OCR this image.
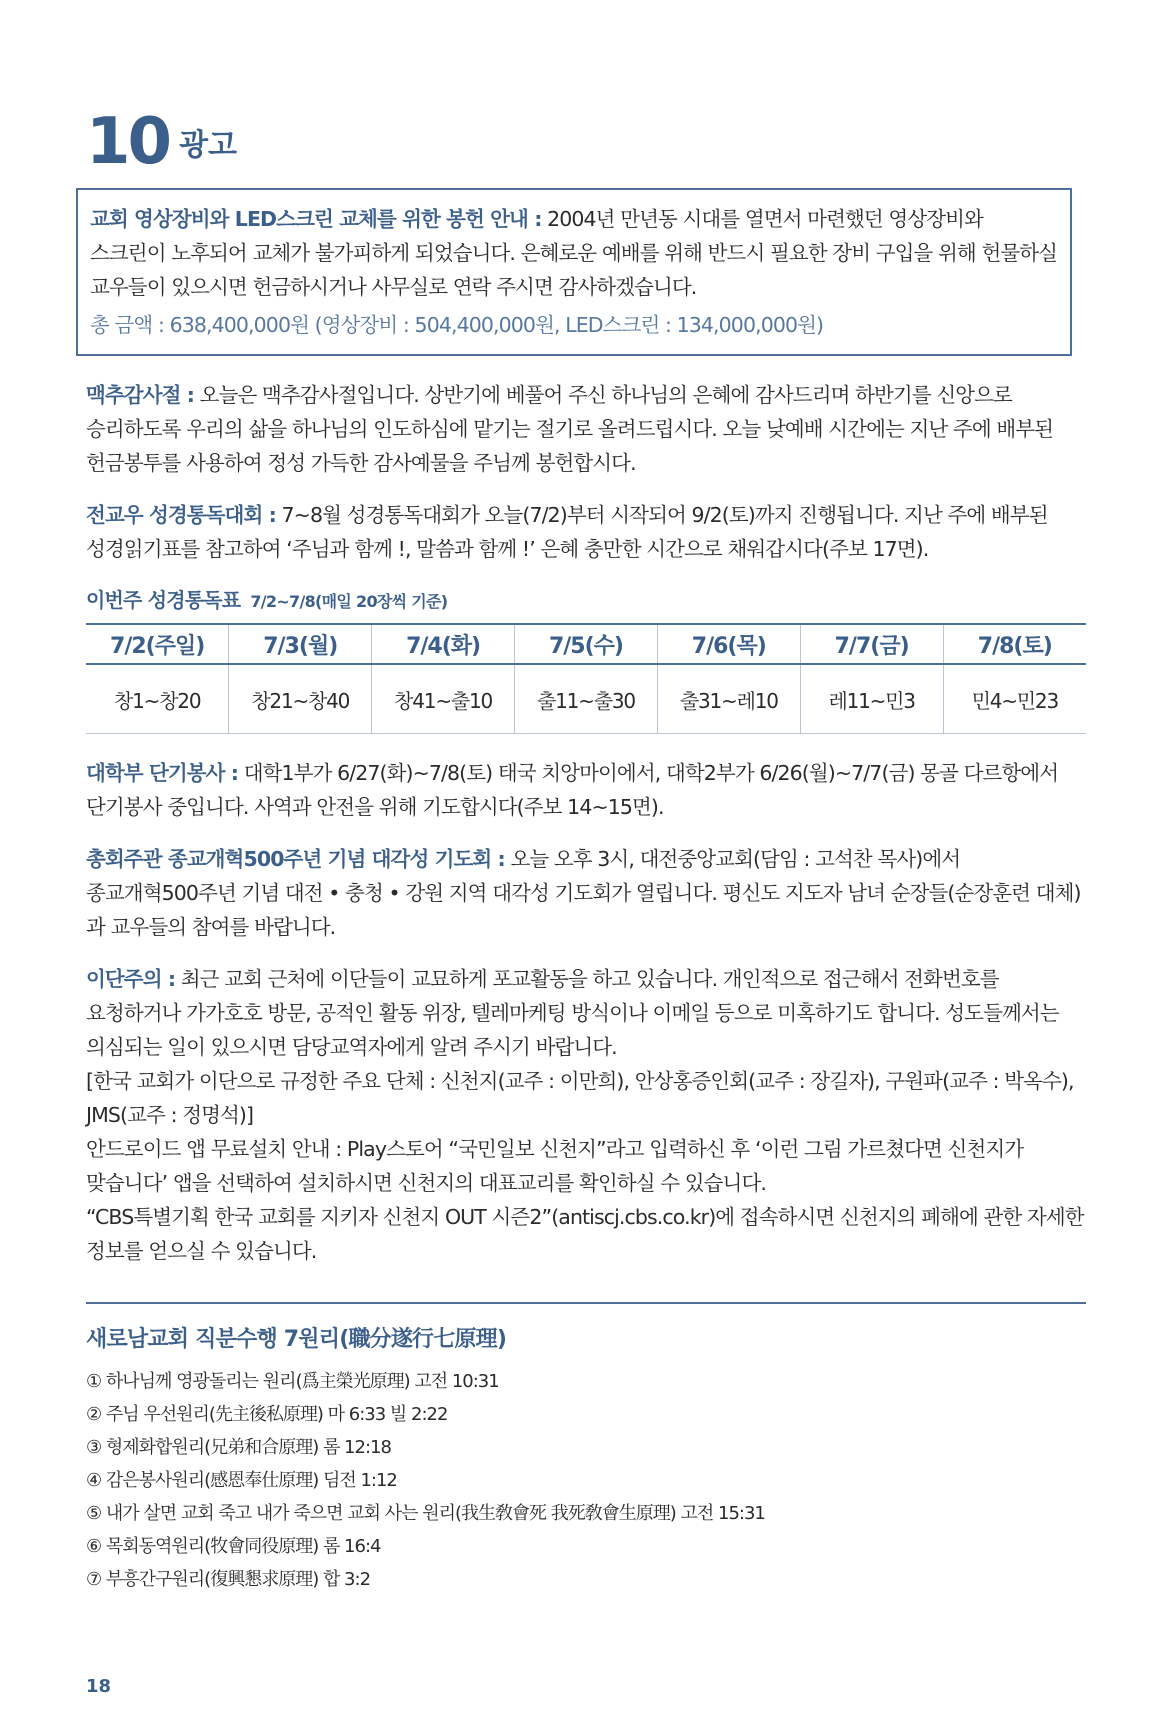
10 광고

교회 영상장비와 LED스크린 교체를 위한 봉헌 안내 : 2004년 만년동 시대를 열면서 마련했던 영상장비와 스크린이 노후되어 교체가 불가피하게 되었습니다. 은혜로운 예배를 위해 반드시 필요한 장비 구입을 위해 헌물하실 교우들이 있으시면 헌금하시거나 사무실로 연락 주시면 감사하겠습니다.

총 금액 : 638,400,000원 (영상장비 : 504,400,000원, LED스크린 : 134,000,000원)

맥추감사절 : 오늘은 맥추감사절입니다. 상반기에 베풀어 주신 하나님의 은혜에 감사드리며 하반기를 신앙으로 승리하도록 우리의 삶을 하나님의 인도하심에 맡기는 절기로 올려드립시다. 오늘 낮예배 시간에는 지난 주에 배부된 헌금봉투를 사용하여 정성 가득한 감사예물을 주님께 봉헌합시다.

전교우 성경통독대회 : 7~8월 성경통독대회가 오늘(7/2)부터 시작되어 9/2(토)까지 진행됩니다. 지난 주에 배부된 성경읽기표를 참고하여 ‘주님과 함께 !, 말씀과 함께 !’ 은혜 충만한 시간으로 채워갑시다(주보 17면).

이번주 성경통독표 7/2~7/8(매일 20장씩 기준)
7/2(주일)	7/3(월)	7/4(화)	7/5(수)	7/6(목)	7/7(금)	7/8(토)
창1~창20	창21~창40	창41~출10	출11~출30	출31~레10	레11~민3	민4~민23

대학부 단기봉사 : 대학1부가 6/27(화)~7/8(토) 태국 치앙마이에서, 대학2부가 6/26(월)~7/7(금) 몽골 다르항에서 단기봉사 중입니다. 사역과 안전을 위해 기도합시다(주보 14~15면).

총회주관 종교개혁500주년 기념 대각성 기도회 : 오늘 오후 3시, 대전중앙교회(담임 : 고석찬 목사)에서 종교개혁500주년 기념 대전 • 충청 • 강원 지역 대각성 기도회가 열립니다. 평신도 지도자 남녀 순장들(순장훈련 대체)과 교우들의 참여를 바랍니다.

이단주의 : 최근 교회 근처에 이단들이 교묘하게 포교활동을 하고 있습니다. 개인적으로 접근해서 전화번호를 요청하거나 가가호호 방문, 공적인 활동 위장, 텔레마케팅 방식이나 이메일 등으로 미혹하기도 합니다. 성도들께서는 의심되는 일이 있으시면 담당교역자에게 알려 주시기 바랍니다.

[한국 교회가 이단으로 규정한 주요 단체 : 신천지(교주 : 이만희), 안상홍증인회(교주 : 장길자), 구원파(교주 : 박옥수), JMS(교주 : 정명석)]

안드로이드 앱 무료설치 안내 : Play스토어 “국민일보 신천지”라고 입력하신 후 ‘이런 그림 가르쳤다면 신천지가 맞습니다’ 앱을 선택하여 설치하시면 신천지의 대표교리를 확인하실 수 있습니다.

“CBS특별기획 한국 교회를 지키자 신천지 OUT 시즌2”(antiscj.cbs.co.kr)에 접속하시면 신천지의 폐해에 관한 자세한 정보를 얻으실 수 있습니다.

새로남교회 직분수행 7원리(職分遂行七原理)
① 하나님께 영광돌리는 원리(爲主榮光原理) 고전 10:31
② 주님 우선원리(先主後私原理) 마 6:33 빌 2:22
③ 형제화합원리(兄弟和合原理) 롬 12:18
④ 감은봉사원리(感恩奉仕原理) 딤전 1:12
⑤ 내가 살면 교회 죽고 내가 죽으면 교회 사는 원리(我生敎會死 我死敎會生原理) 고전 15:31
⑥ 목회동역원리(牧會同役原理) 롬 16:4
⑦ 부흥간구원리(復興懇求原理) 합 3:2
18
